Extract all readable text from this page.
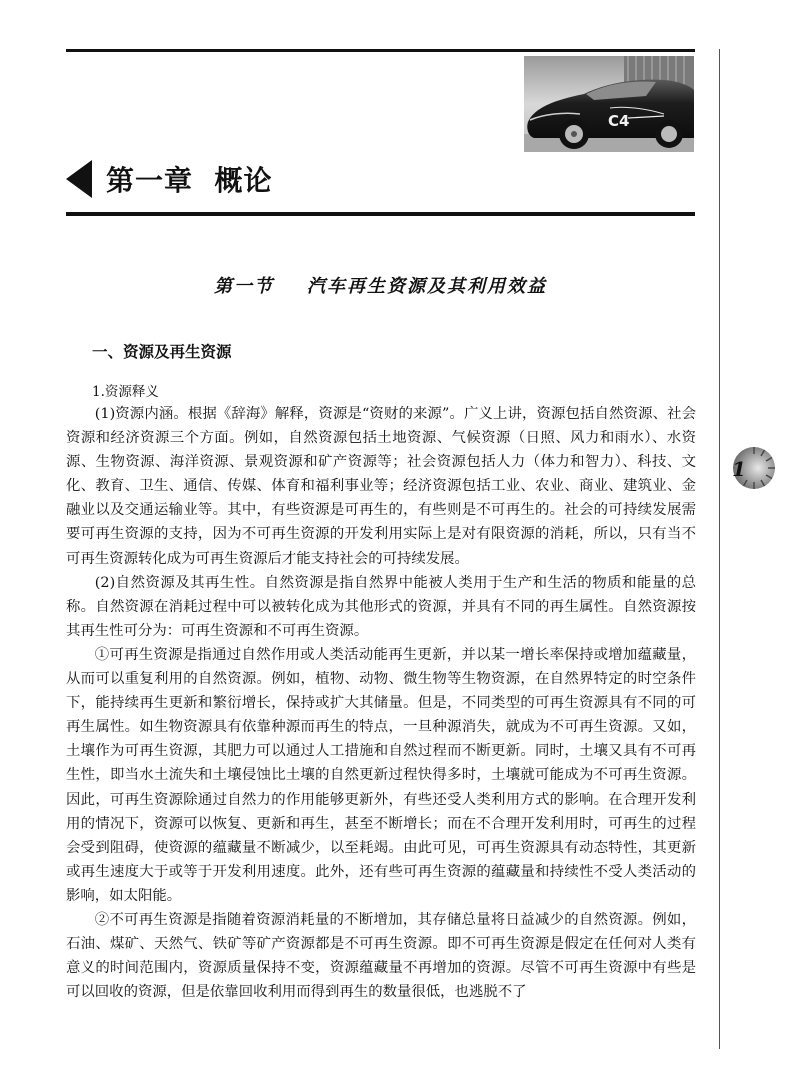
C4
第一章  概论
第一节    汽车再生资源及其利用效益
一、资源及再生资源
1.资源释义

(1)资源内涵。根据《辞海》解释，资源是“资财的来源”。广义上讲，资源包括自然资源、社会资源和经济资源三个方面。例如，自然资源包括土地资源、气候资源（日照、风力和雨水）、水资源、生物资源、海洋资源、景观资源和矿产资源等；社会资源包括人力（体力和智力）、科技、文化、教育、卫生、通信、传媒、体育和福利事业等；经济资源包括工业、农业、商业、建筑业、金融业以及交通运输业等。其中，有些资源是可再生的，有些则是不可再生的。社会的可持续发展需要可再生资源的支持，因为不可再生资源的开发利用实际上是对有限资源的消耗，所以，只有当不可再生资源转化成为可再生资源后才能支持社会的可持续发展。

(2)自然资源及其再生性。自然资源是指自然界中能被人类用于生产和生活的物质和能量的总称。自然资源在消耗过程中可以被转化成为其他形式的资源，并具有不同的再生属性。自然资源按其再生性可分为：可再生资源和不可再生资源。

①可再生资源是指通过自然作用或人类活动能再生更新，并以某一增长率保持或增加蕴藏量，从而可以重复利用的自然资源。例如，植物、动物、微生物等生物资源，在自然界特定的时空条件下，能持续再生更新和繁衍增长，保持或扩大其储量。但是，不同类型的可再生资源具有不同的可再生属性。如生物资源具有依靠种源而再生的特点，一旦种源消失，就成为不可再生资源。又如，土壤作为可再生资源，其肥力可以通过人工措施和自然过程而不断更新。同时，土壤又具有不可再生性，即当水土流失和土壤侵蚀比土壤的自然更新过程快得多时，土壤就可能成为不可再生资源。因此，可再生资源除通过自然力的作用能够更新外，有些还受人类利用方式的影响。在合理开发利用的情况下，资源可以恢复、更新和再生，甚至不断增长；而在不合理开发利用时，可再生的过程会受到阻碍，使资源的蕴藏量不断减少，以至耗竭。由此可见，可再生资源具有动态特性，其更新或再生速度大于或等于开发利用速度。此外，还有些可再生资源的蕴藏量和持续性不受人类活动的影响，如太阳能。

②不可再生资源是指随着资源消耗量的不断增加，其存储总量将日益减少的自然资源。例如，石油、煤矿、天然气、铁矿等矿产资源都是不可再生资源。即不可再生资源是假定在任何对人类有意义的时间范围内，资源质量保持不变，资源蕴藏量不再增加的资源。尽管不可再生资源中有些是可以回收的资源，但是依靠回收利用而得到再生的数量很低，也逃脱不了

1
